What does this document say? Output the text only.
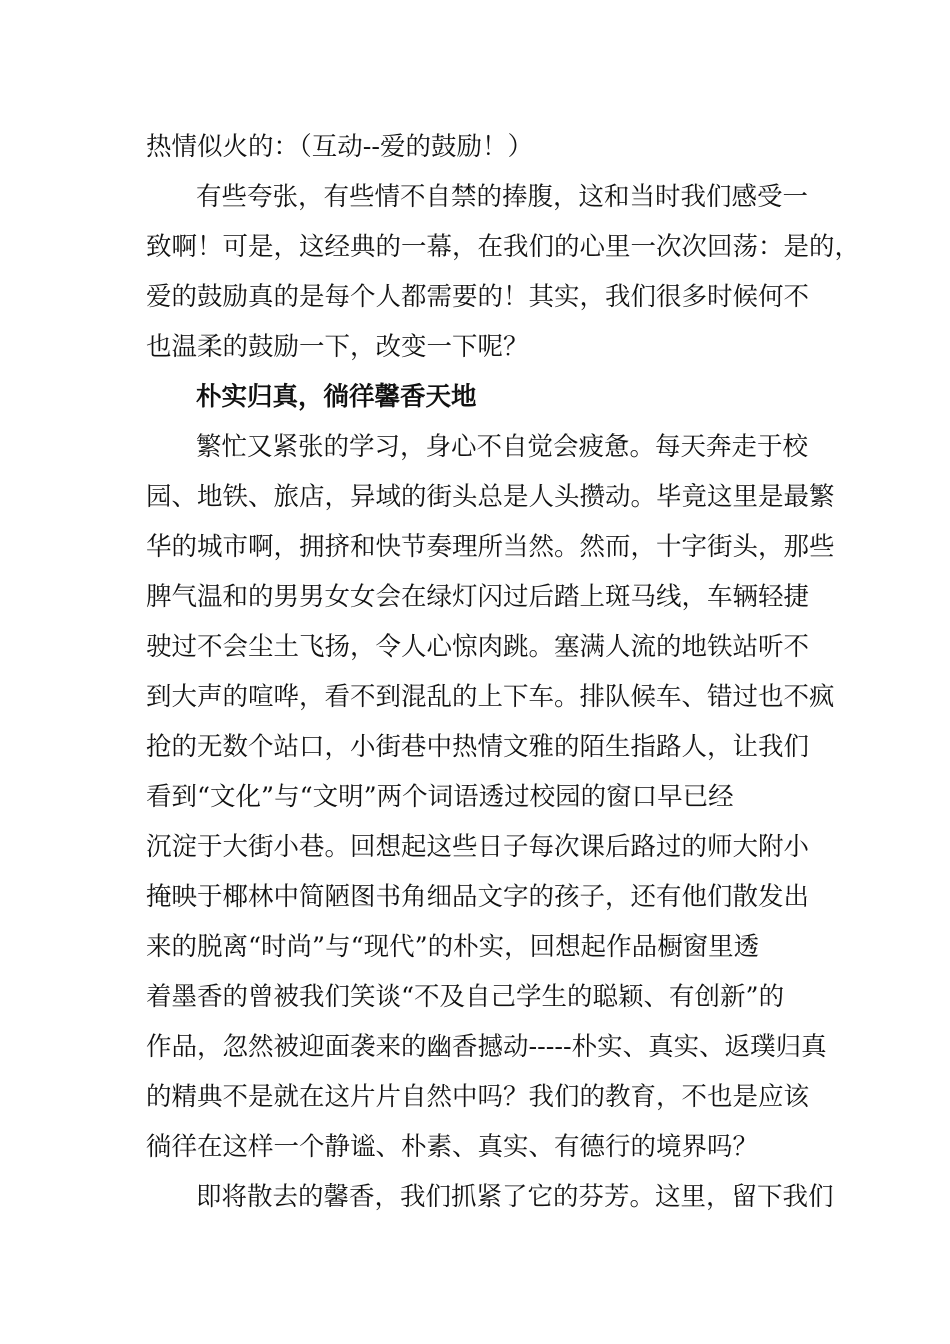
热情似火的：（互动--爱的鼓励！）
有些夸张，有些情不自禁的捧腹，这和当时我们感受一
致啊！可是，这经典的一幕，在我们的心里一次次回荡：是的，
爱的鼓励真的是每个人都需要的！其实，我们很多时候何不
也温柔的鼓励一下，改变一下呢？
朴实归真，徜徉馨香天地
繁忙又紧张的学习，身心不自觉会疲惫。每天奔走于校
园、地铁、旅店，异域的街头总是人头攒动。毕竟这里是最繁
华的城市啊，拥挤和快节奏理所当然。然而，十字街头，那些
脾气温和的男男女女会在绿灯闪过后踏上斑马线，车辆轻捷
驶过不会尘土飞扬，令人心惊肉跳。塞满人流的地铁站听不
到大声的喧哗，看不到混乱的上下车。排队候车、错过也不疯
抢的无数个站口，小街巷中热情文雅的陌生指路人，让我们
看到“文化”与“文明”两个词语透过校园的窗口早已经
沉淀于大街小巷。回想起这些日子每次课后路过的师大附小
掩映于椰林中简陋图书角细品文字的孩子，还有他们散发出
来的脱离“时尚”与“现代”的朴实，回想起作品橱窗里透
着墨香的曾被我们笑谈“不及自己学生的聪颖、有创新”的
作品，忽然被迎面袭来的幽香撼动-----朴实、真实、返璞归真
的精典不是就在这片片自然中吗？我们的教育，不也是应该
徜徉在这样一个静谧、朴素、真实、有德行的境界吗？
即将散去的馨香，我们抓紧了它的芬芳。这里，留下我们
